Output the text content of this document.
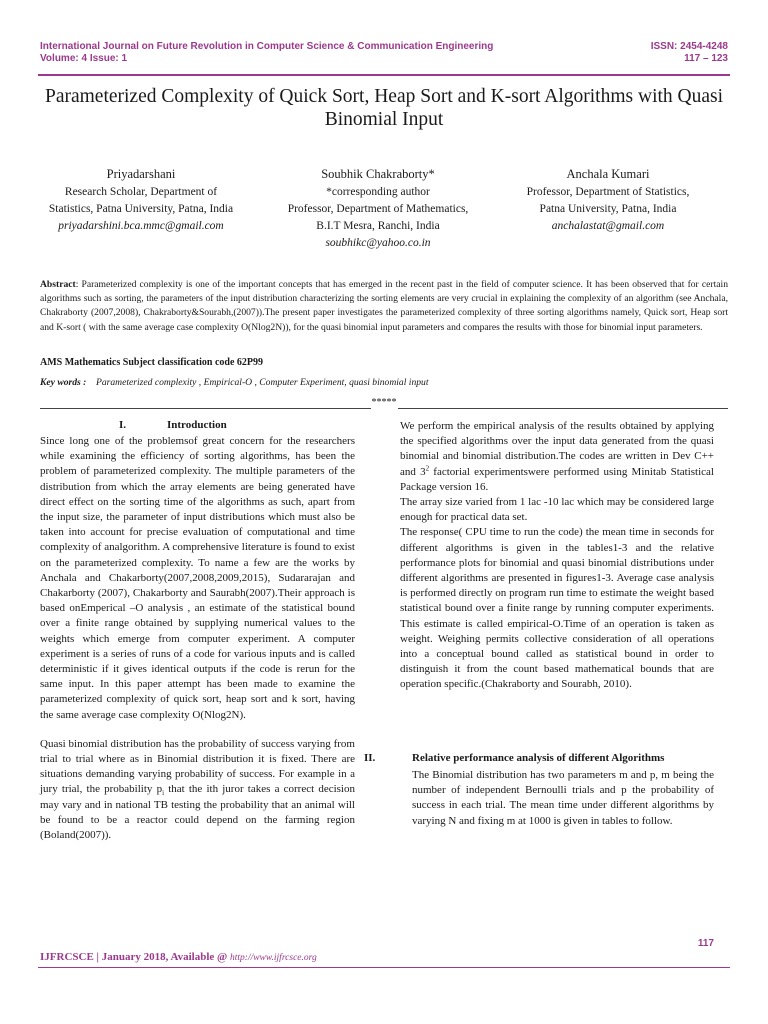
International Journal on Future Revolution in Computer Science & Communication Engineering
Volume: 4 Issue: 1
ISSN: 2454-4248
117 – 123
Parameterized Complexity of Quick Sort, Heap Sort and K-sort Algorithms with Quasi Binomial Input
Priyadarshani
Research Scholar, Department of
Statistics, Patna University, Patna, India
priyadarshini.bca.mmc@gmail.com
Soubhik Chakraborty*
*corresponding author
Professor, Department of Mathematics,
B.I.T Mesra, Ranchi, India
soubhikc@yahoo.co.in
Anchala Kumari
Professor, Department of Statistics,
Patna University, Patna, India
anchalastat@gmail.com
Abstract: Parameterized complexity is one of the important concepts that has emerged in the recent past in the field of computer science. It has been observed that for certain algorithms such as sorting, the parameters of the input distribution characterizing the sorting elements are very crucial in explaining the complexity of an algorithm (see Anchala, Chakraborty (2007,2008), Chakraborty&Sourabh,(2007)).The present paper investigates the parameterized complexity of three sorting algorithms namely, Quick sort, Heap sort and K-sort ( with the same average case complexity O(Nlog2N)), for the quasi binomial input parameters and compares the results with those for binomial input parameters.
AMS Mathematics Subject classification code 62P99
Key words : Parameterized complexity , Empirical-O , Computer Experiment, quasi binomial input
*****
I.	Introduction

Since long one of the problemsof great concern for the researchers while examining the efficiency of sorting algorithms, has been the problem of parameterized complexity. The multiple parameters of the distribution from which the array elements are being generated have direct effect on the sorting time of the algorithms as such, apart from the input size, the parameter of input distributions which must also be taken into account for precise evaluation of computational and time complexity of analgorithm. A comprehensive literature is found to exist on the parameterized complexity. To name a few are the works by Anchala and Chakarborty(2007,2008,2009,2015), Sudararajan and Chakarborty (2007), Chakarborty and Saurabh(2007).Their approach is based onEmperical –O analysis , an estimate of the statistical bound over a finite range obtained by supplying numerical values to the weights which emerge from computer experiment. A computer experiment is a series of runs of a code for various inputs and is called deterministic if it gives identical outputs if the code is rerun for the same input. In this paper attempt has been made to examine the parameterized complexity of quick sort, heap sort and k sort, having the same average case complexity O(Nlog2N).

Quasi binomial distribution has the probability of success varying from trial to trial where as in Binomial distribution it is fixed. There are situations demanding varying probability of success. For example in a jury trial, the probability $p_i$ that the ith juror takes a correct decision may vary and in national TB testing the probability that an animal will be found to be a reactor could depend on the farming region (Boland(2007)).

We perform the empirical analysis of the results obtained by applying the specified algorithms over the input data generated from the quasi binomial and binomial distribution.The codes are written in Dev C++ and $3^2$ factorial experimentswere performed using Minitab Statistical Package version 16.

The array size varied from 1 lac -10 lac which may be considered large enough for practical data set.

The response( CPU time to run the code) the mean time in seconds for different algorithms is given in the tables1-3 and the relative performance plots for binomial and quasi binomial distributions under different algorithms are presented in figures1-3. Average case analysis is performed directly on program run time to estimate the weight based statistical bound over a finite range by running computer experiments. This estimate is called empirical-O.Time of an operation is taken as weight. Weighing permits collective consideration of all operations into a conceptual bound called as statistical bound in order to distinguish it from the count based mathematical bounds that are operation specific.(Chakraborty and Sourabh, 2010).

II.	Relative performance analysis of different Algorithms
The Binomial distribution has two parameters m and p, m being the number of independent Bernoulli trials and p the probability of success in each trial. The mean time under different algorithms by varying N and fixing m at 1000 is given in tables to follow.
117
IJFRCSCE | January 2018, Available @ http://www.ijfrcsce.org
